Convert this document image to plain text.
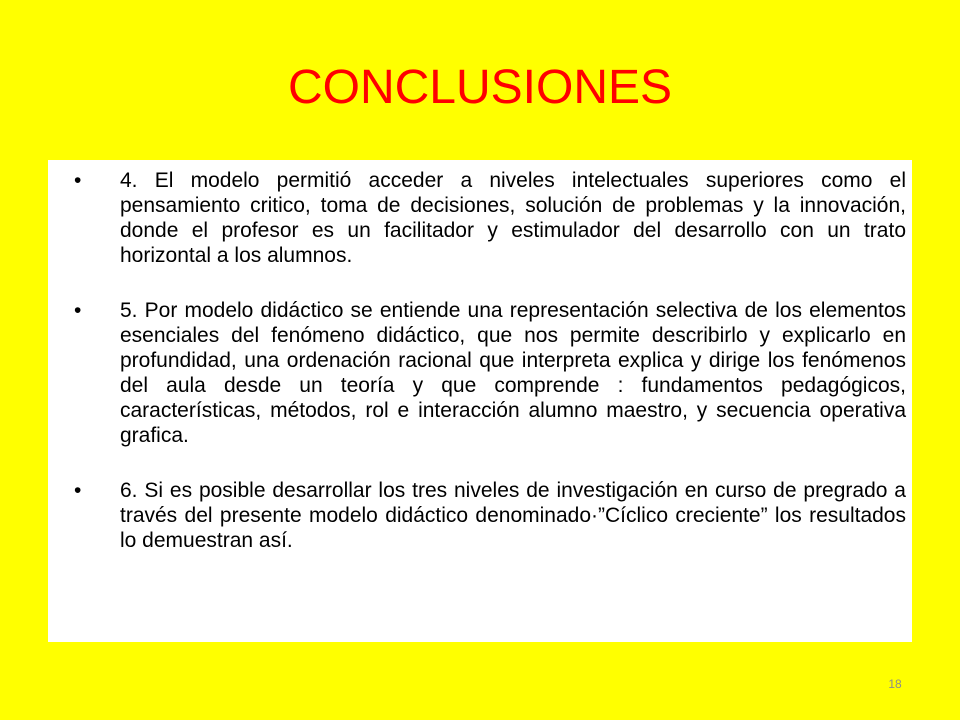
CONCLUSIONES
• 4. El modelo permitió acceder a niveles intelectuales superiores como el pensamiento critico, toma de decisiones, solución de problemas y la innovación, donde el profesor es un facilitador y estimulador del desarrollo con un trato horizontal a los alumnos.
• 5. Por modelo didáctico se entiende una representación selectiva de los elementos esenciales del fenómeno didáctico, que nos permite describirlo y explicarlo en profundidad, una ordenación racional que interpreta explica y dirige los fenómenos del aula desde un teoría y que comprende : fundamentos pedagógicos, características, métodos, rol e interacción alumno maestro, y secuencia operativa grafica.
• 6. Si es posible desarrollar los tres niveles de investigación en curso de pregrado a través del presente modelo didáctico denominado·”Cíclico creciente” los resultados lo demuestran así.
18
